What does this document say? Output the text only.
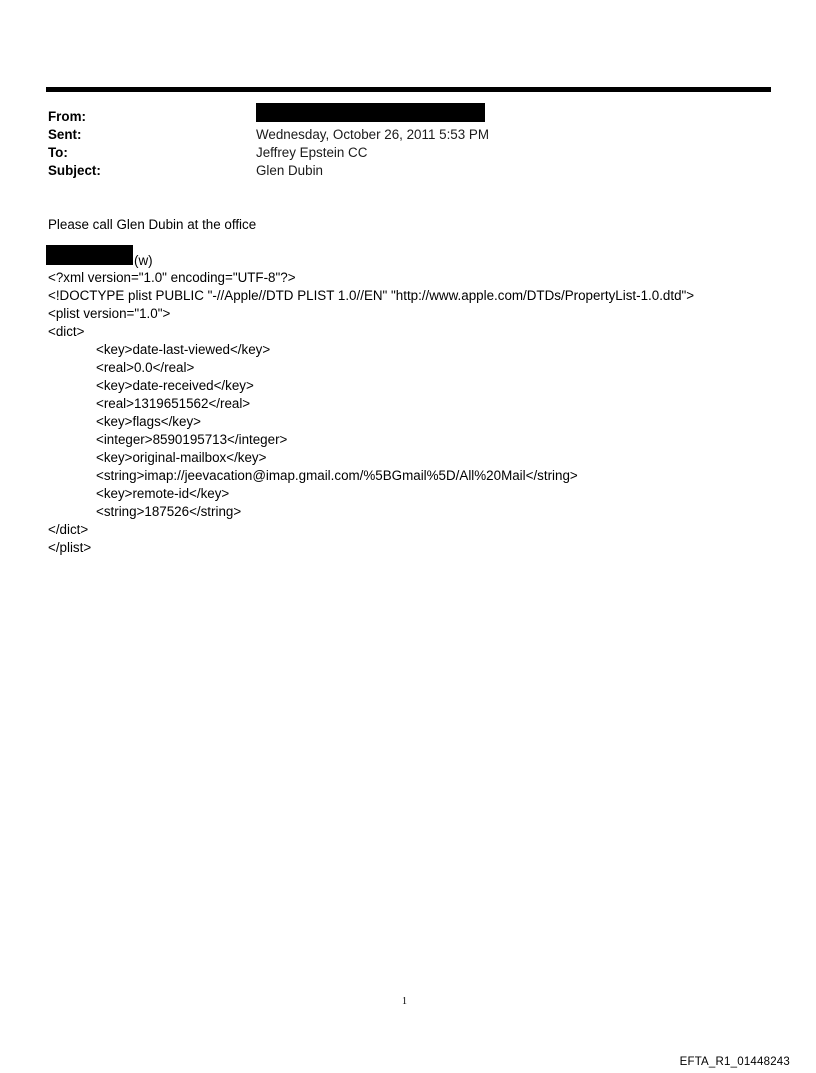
From:
Sent:	Wednesday, October 26, 2011 5:53 PM
To:	Jeffrey Epstein CC
Subject:	Glen Dubin
Please call Glen Dubin at the office
(w)
<?xml version="1.0" encoding="UTF-8"?>
<!DOCTYPE plist PUBLIC "-//Apple//DTD PLIST 1.0//EN" "http://www.apple.com/DTDs/PropertyList-1.0.dtd">
<plist version="1.0">
<dict>
<key>date-last-viewed</key>
<real>0.0</real>
<key>date-received</key>
<real>1319651562</real>
<key>flags</key>
<integer>8590195713</integer>
<key>original-mailbox</key>
<string>imap://jeevacation@imap.gmail.com/%5BGmail%5D/All%20Mail</string>
<key>remote-id</key>
<string>187526</string>
</dict>
</plist>
1
EFTA_R1_01448243
